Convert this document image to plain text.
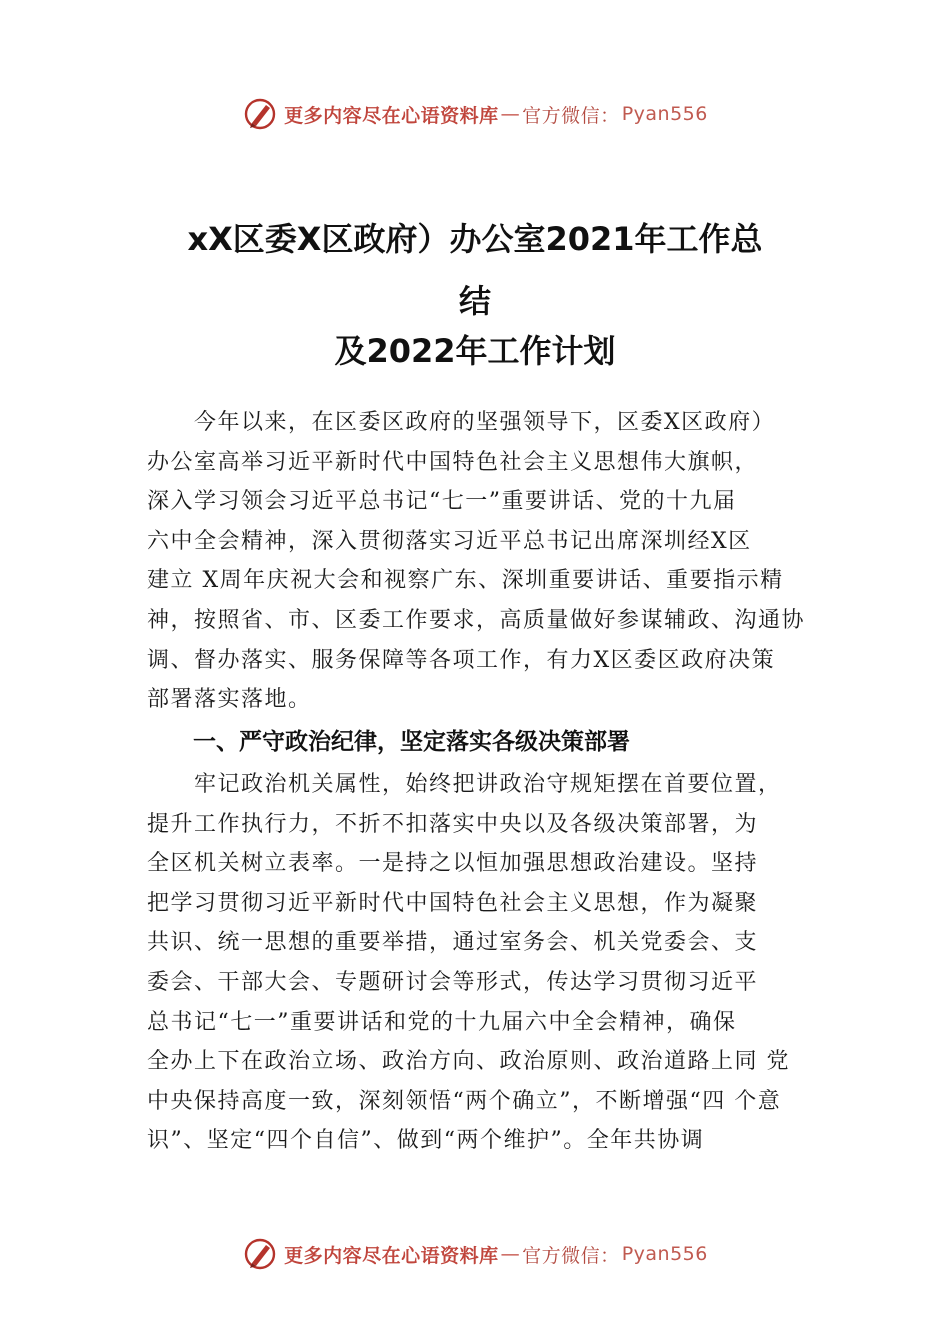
更多内容尽在心语资料库 — 官方微信： Pyan556
xX区委X区政府）办公室2021年工作总
结
及2022年工作计划
今年以来，在区委区政府的坚强领导下，区委X区政府）
办公室高举习近平新时代中国特色社会主义思想伟大旗帜，
深入学习领会习近平总书记“七一”重要讲话、党的十九届
六中全会精神，深入贯彻落实习近平总书记出席深圳经X区
建立 X周年庆祝大会和视察广东、深圳重要讲话、重要指示精
神，按照省、市、区委工作要求，高质量做好参谋辅政、沟通协
调、督办落实、服务保障等各项工作，有力X区委区政府决策
部署落实落地。
一、严守政治纪律，坚定落实各级决策部署
牢记政治机关属性，始终把讲政治守规矩摆在首要位置，
提升工作执行力，不折不扣落实中央以及各级决策部署，为
全区机关树立表率。一是持之以恒加强思想政治建设。坚持
把学习贯彻习近平新时代中国特色社会主义思想，作为凝聚
共识、统一思想的重要举措，通过室务会、机关党委会、支
委会、干部大会、专题研讨会等形式，传达学习贯彻习近平
总书记“七一”重要讲话和党的十九届六中全会精神，确保
全办上下在政治立场、政治方向、政治原则、政治道路上同 党
中央保持高度一致，深刻领悟“两个确立”，不断增强“四 个意
识”、坚定“四个自信”、做到“两个维护”。全年共协调
更多内容尽在心语资料库 — 官方微信： Pyan556
